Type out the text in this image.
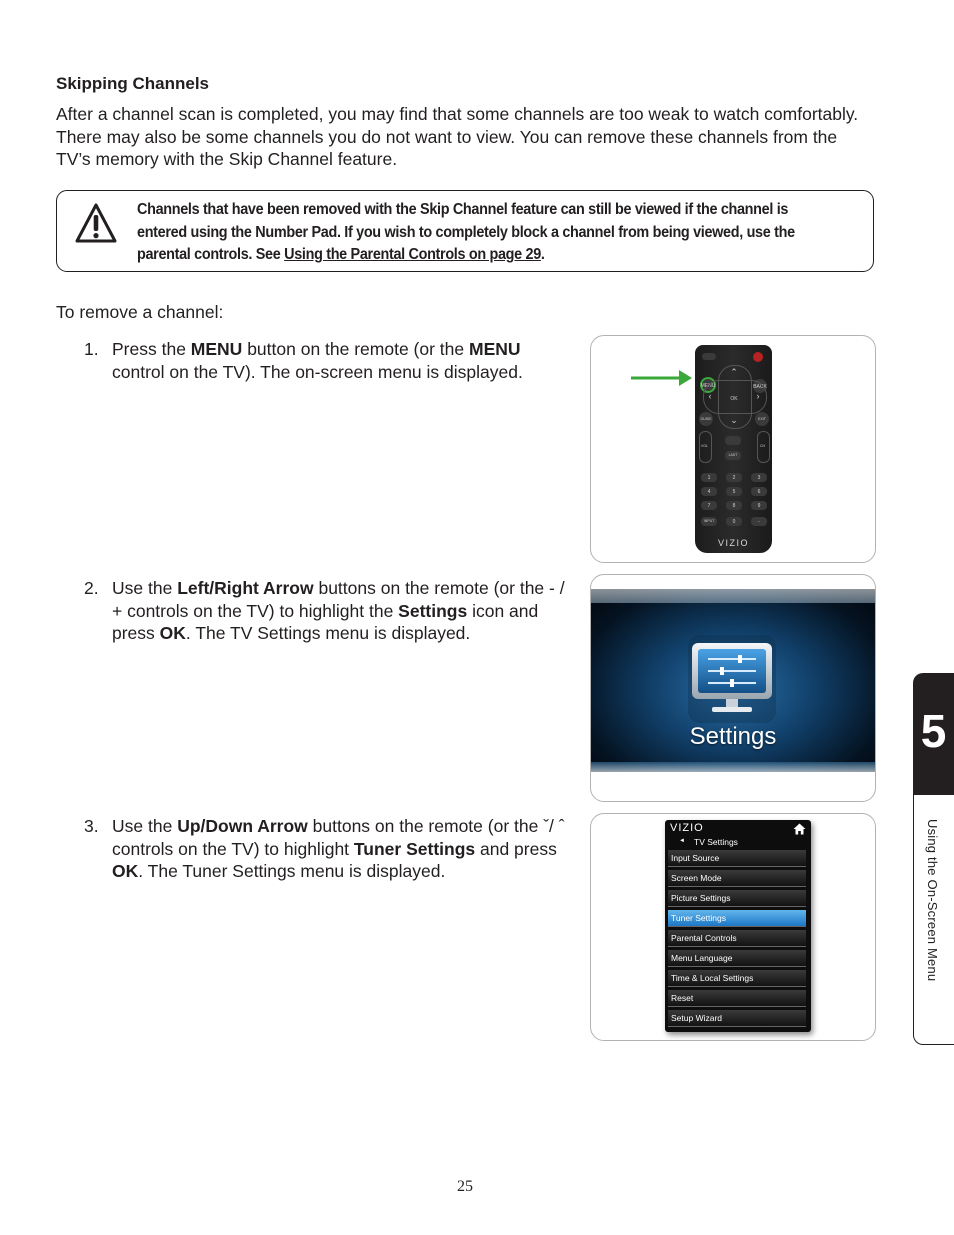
Skipping Channels
After a channel scan is completed, you may find that some channels are too weak to watch comfortably. There may also be some channels you do not want to view. You can remove these channels from the TV’s memory with the Skip Channel feature.
Channels that have been removed with the Skip Channel feature can still be viewed if the channel is entered using the Number Pad. If you wish to completely block a channel from being viewed, use the parental controls. See Using the Parental Controls on page 29.
To remove a channel:
1. Press the MENU button on the remote (or the MENU control on the TV). The on-screen menu is displayed.
2. Use the Left/Right Arrow buttons on the remote (or the - / + controls on the TV) to highlight the Settings icon and press OK. The TV Settings menu is displayed.
3. Use the Up/Down Arrow buttons on the remote (or the ˇ/ ˆ controls on the TV) to highlight Tuner Settings and press OK. The Tuner Settings menu is displayed.
MENU	BACK
OK
⌃
⌄
‹	›
GUIDE	EXIT
VOL	CH
LAST
1	2	3
4	5	6
7	8	9
INPUT	0	-
VIZIO
Settings
VIZIO
◄ TV Settings
Input Source
Screen Mode
Picture Settings
Tuner Settings
Parental Controls
Menu Language
Time & Local Settings
Reset
Setup Wizard
5
Using the On-Screen Menu
25
